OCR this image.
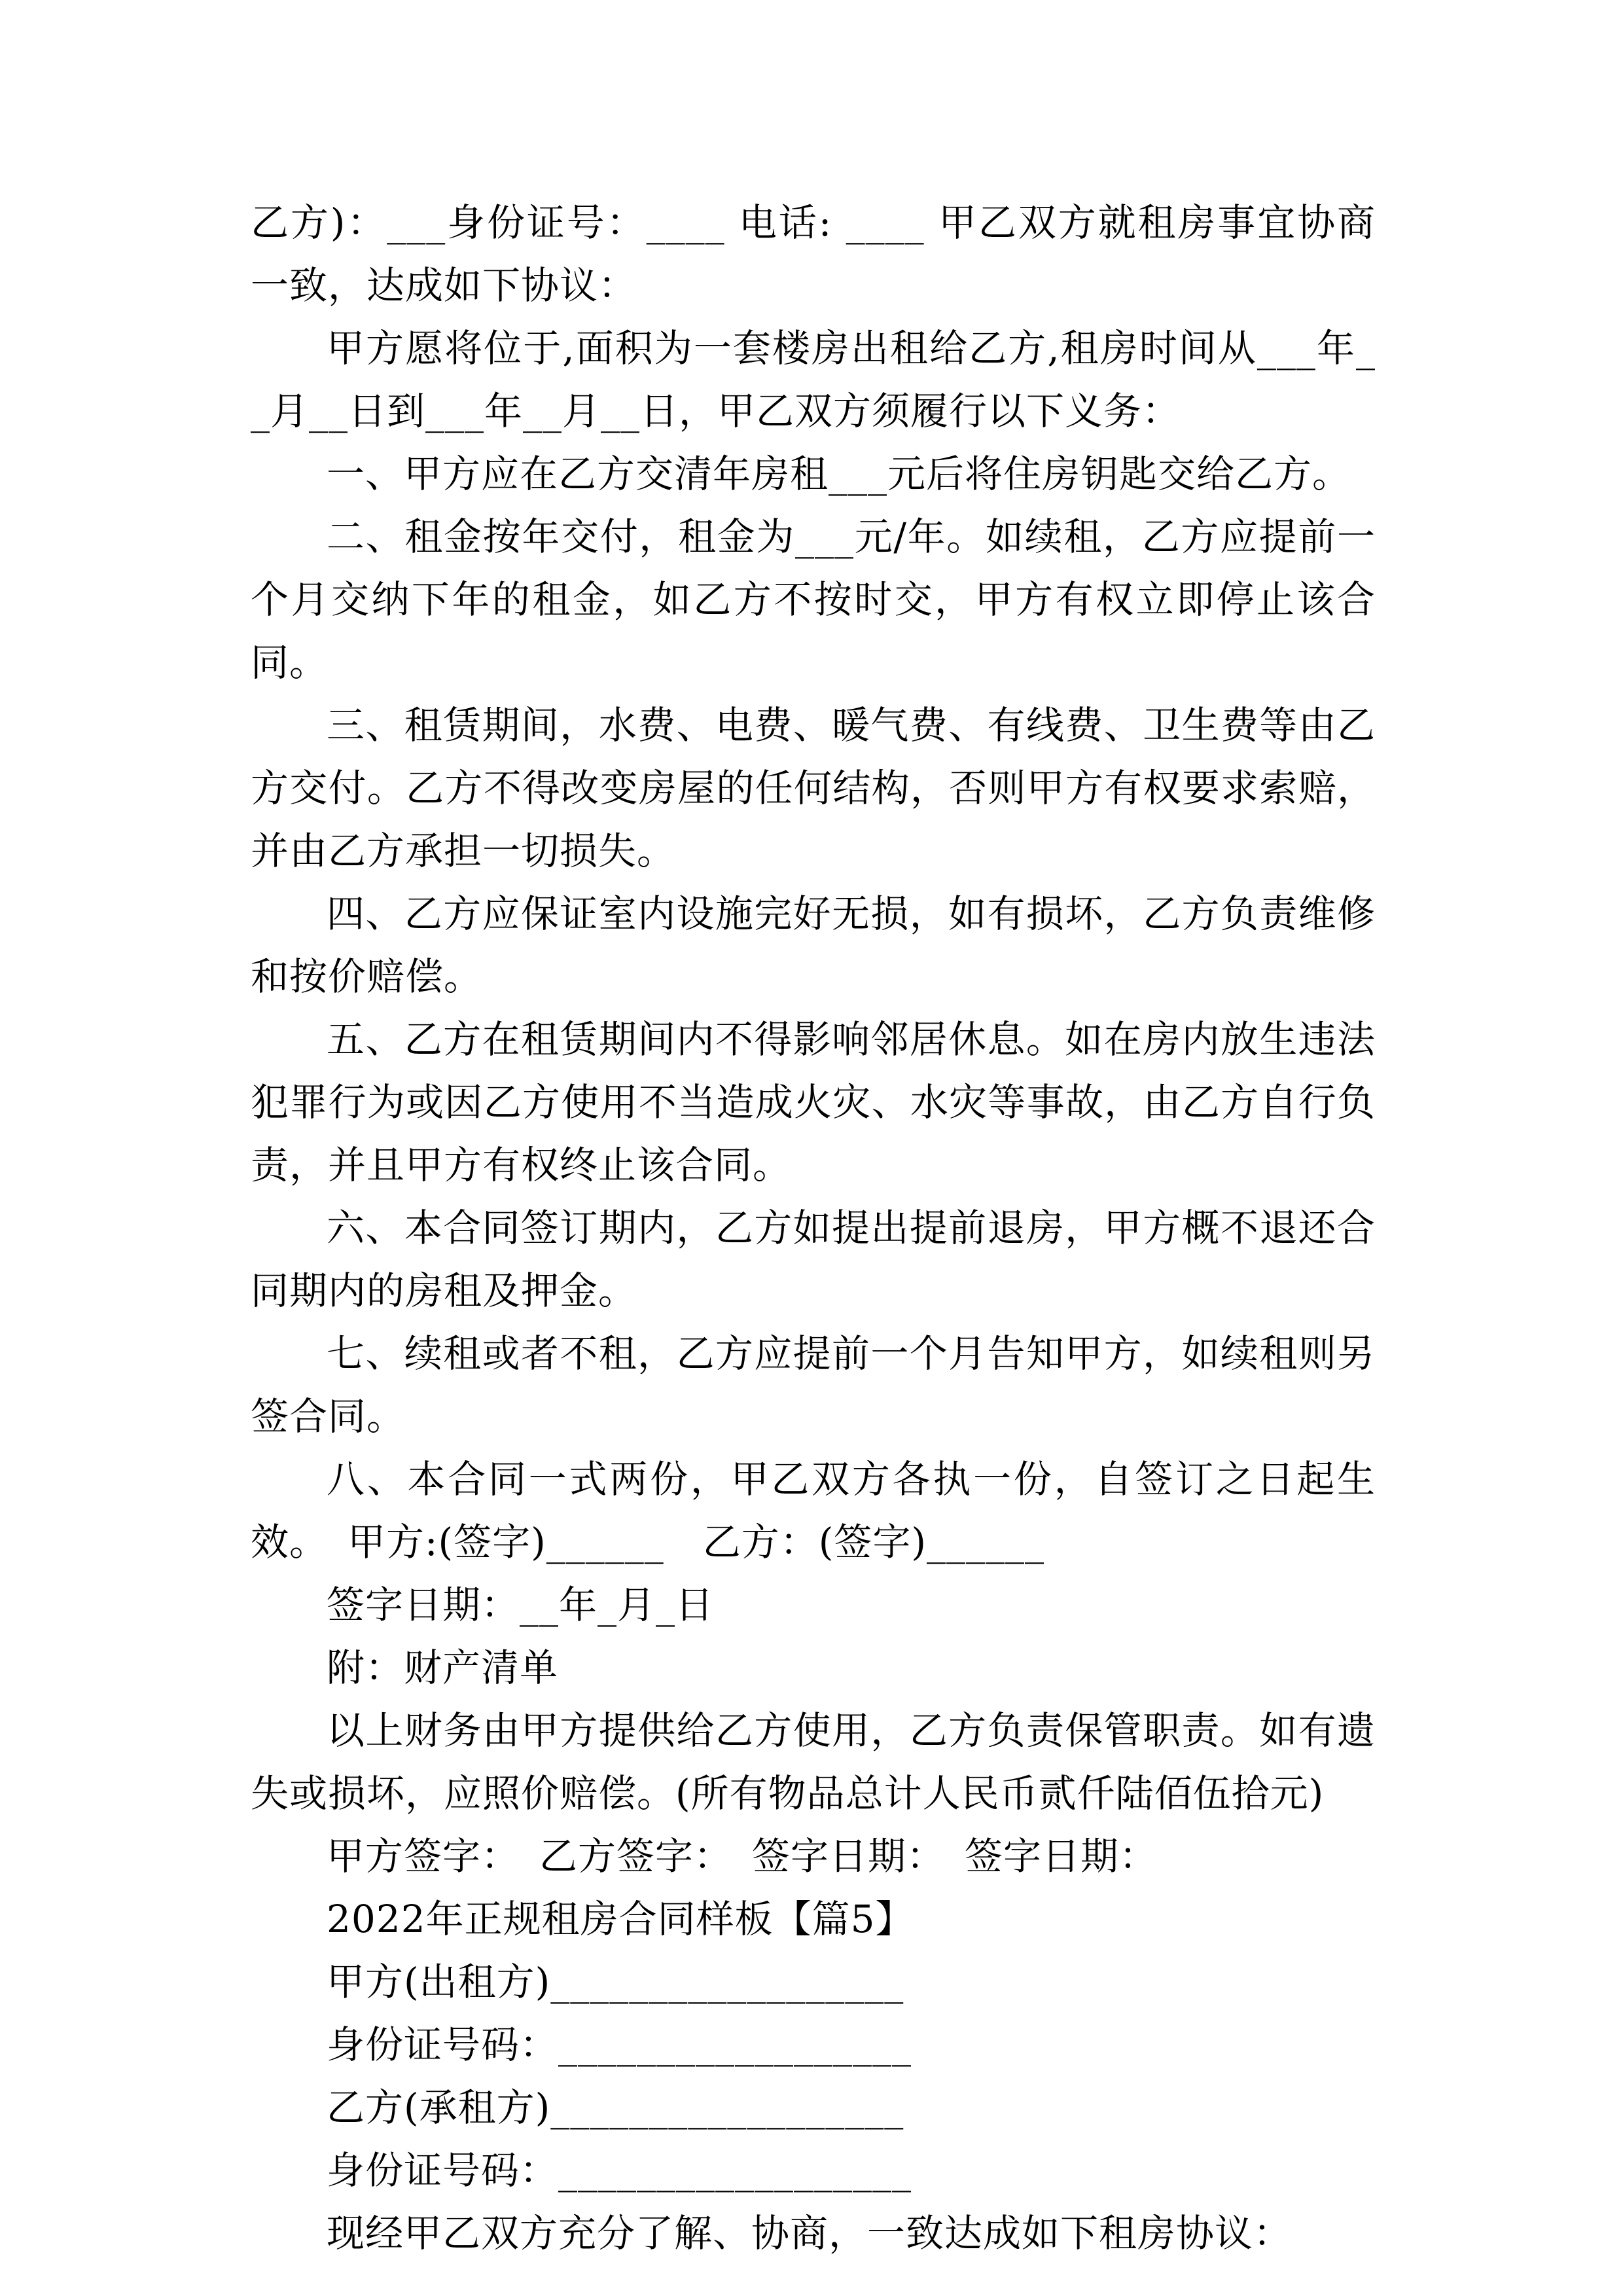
乙方)：___身份证号：____ 电话: ____ 甲乙双方就租房事宜协商一致，达成如下协议：

甲方愿将位于,面积为一套楼房出租给乙方,租房时间从___年__月__日到___年__月__日，甲乙双方须履行以下义务：

一、甲方应在乙方交清年房租___元后将住房钥匙交给乙方。

二、租金按年交付，租金为___元/年。如续租，乙方应提前一个月交纳下年的租金，如乙方不按时交，甲方有权立即停止该合同。

三、租赁期间，水费、电费、暖气费、有线费、卫生费等由乙方交付。乙方不得改变房屋的任何结构，否则甲方有权要求索赔，并由乙方承担一切损失。

四、乙方应保证室内设施完好无损，如有损坏，乙方负责维修和按价赔偿。

五、乙方在租赁期间内不得影响邻居休息。如在房内放生违法犯罪行为或因乙方使用不当造成火灾、水灾等事故，由乙方自行负责，并且甲方有权终止该合同。

六、本合同签订期内，乙方如提出提前退房，甲方概不退还合同期内的房租及押金。

七、续租或者不租，乙方应提前一个月告知甲方，如续租则另签合同。

八、本合同一式两份，甲乙双方各执一份，自签订之日起生效。　甲方:(签字)______　乙方：(签字)______

签字日期：__年_月_日

附：财产清单

以上财务由甲方提供给乙方使用，乙方负责保管职责。如有遗失或损坏，应照价赔偿。(所有物品总计人民币贰仟陆佰伍拾元)

甲方签字：　乙方签字：　签字日期：　签字日期：

2022年正规租房合同样板【篇5】

甲方(出租方)__________________

身份证号码：__________________

乙方(承租方)__________________

身份证号码：__________________

现经甲乙双方充分了解、协商，一致达成如下租房协议：
